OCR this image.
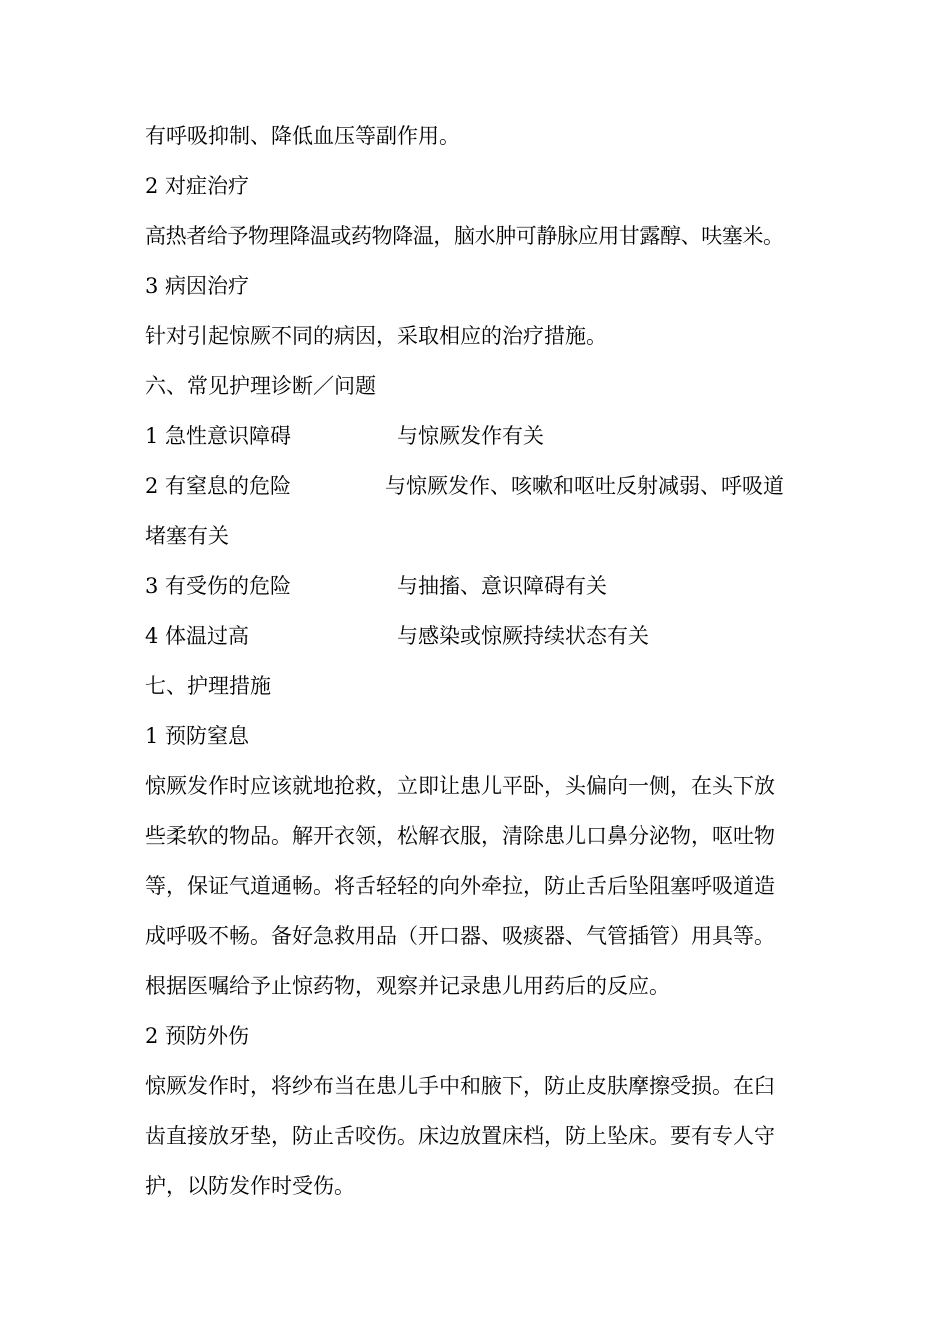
有呼吸抑制、降低血压等副作用。
2 对症治疗
高热者给予物理降温或药物降温，脑水肿可静脉应用甘露醇、呋塞米。
3 病因治疗
针对引起惊厥不同的病因，采取相应的治疗措施。
六、常见护理诊断／问题
1 急性意识障碍	与惊厥发作有关
2 有窒息的危险	与惊厥发作、咳嗽和呕吐反射减弱、呼吸道
堵塞有关
3 有受伤的危险	与抽搐、意识障碍有关
4 体温过高	与感染或惊厥持续状态有关
七、护理措施
1 预防窒息
惊厥发作时应该就地抢救，立即让患儿平卧，头偏向一侧，在头下放
些柔软的物品。解开衣领，松解衣服，清除患儿口鼻分泌物，呕吐物
等，保证气道通畅。将舌轻轻的向外牵拉，防止舌后坠阻塞呼吸道造
成呼吸不畅。备好急救用品（开口器、吸痰器、气管插管）用具等。
根据医嘱给予止惊药物，观察并记录患儿用药后的反应。
2 预防外伤
惊厥发作时，将纱布当在患儿手中和腋下，防止皮肤摩擦受损。在臼
齿直接放牙垫，防止舌咬伤。床边放置床档，防上坠床。要有专人守
护，以防发作时受伤。
